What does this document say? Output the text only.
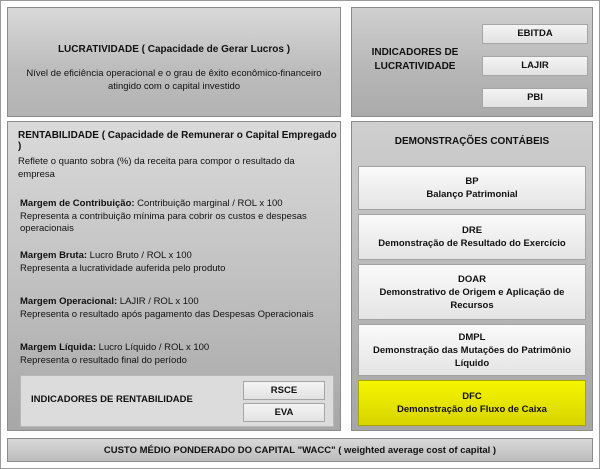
LUCRATIVIDADE ( Capacidade de Gerar Lucros )
Nível de eficiência operacional e o grau de êxito econômico-financeiro atingido com o capital investido
INDICADORES DE LUCRATIVIDADE
EBITDA
LAJIR
PBI
RENTABILIDADE ( Capacidade de Remunerar o Capital Empregado )
Reflete o quanto sobra (%) da receita para compor o resultado da empresa
Margem de Contribuição: Contribuição marginal / ROL x 100
Representa a contribuição mínima para cobrir os custos e despesas operacionais
Margem Bruta: Lucro Bruto / ROL x 100
Representa a lucratividade auferida pelo produto
Margem Operacional: LAJIR / ROL x 100
Representa o resultado após pagamento das Despesas Operacionais
Margem Líquida: Lucro Líquido / ROL x 100
Representa o resultado final do período
INDICADORES DE RENTABILIDADE
RSCE
EVA
DEMONSTRAÇÕES CONTÁBEIS
BP
Balanço Patrimonial
DRE
Demonstração de Resultado do Exercício
DOAR
Demonstrativo de Origem e Aplicação de Recursos
DMPL
Demonstração das Mutações do Patrimônio Líquido
DFC
Demonstração do Fluxo de Caixa
CUSTO MÉDIO PONDERADO DO CAPITAL "WACC" ( weighted average cost of capital )
